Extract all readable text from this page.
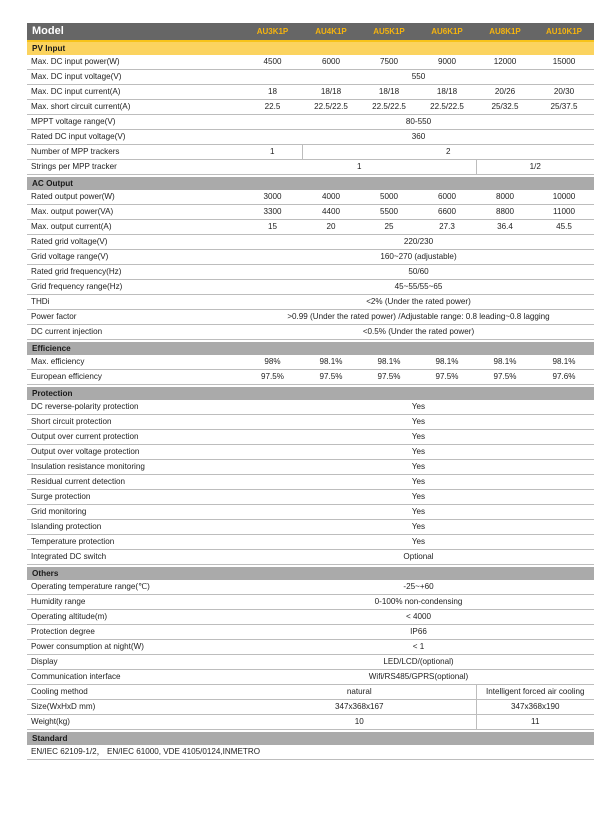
Model	AU3K1P	AU4K1P	AU5K1P	AU6K1P	AU8K1P	AU10K1P

PV Input						
Max. DC input power(W)	4500	6000	7500	9000	12000	15000
Max. DC input voltage(V)	550					
Max. DC input current(A)	18	18/18	18/18	18/18	20/26	20/30
Max. short circuit current(A)	22.5	22.5/22.5	22.5/22.5	22.5/22.5	25/32.5	25/37.5
MPPT voltage range(V)	80-550					
Rated DC input voltage(V)	360					
Number of MPP trackers	1	2				
Strings per MPP tracker	1				1/2	

AC Output						
Rated output power(W)	3000	4000	5000	6000	8000	10000
Max. output power(VA)	3300	4400	5500	6600	8800	11000
Max. output current(A)	15	20	25	27.3	36.4	45.5
Rated grid voltage(V)	220/230					
Grid voltage range(V)	160~270 (adjustable)					
Rated grid frequency(Hz)	50/60					
Grid frequency range(Hz)	45~55/55~65					
THDi	<2% (Under the rated power)					
Power factor	>0.99 (Under the rated power) /Adjustable range: 0.8 leading~0.8 lagging					
DC current injection	<0.5% (Under the rated power)					

Efficience						
Max. efficiency	98%	98.1%	98.1%	98.1%	98.1%	98.1%
European efficiency	97.5%	97.5%	97.5%	97.5%	97.5%	97.6%

Protection						
DC reverse-polarity protection	Yes					
Short circuit protection	Yes					
Output over current protection	Yes					
Output over voltage protection	Yes					
Insulation resistance monitoring	Yes					
Residual current detection	Yes					
Surge protection	Yes					
Grid monitoring	Yes					
Islanding protection	Yes					
Temperature protection	Yes					
Integrated DC switch	Optional					

Others						
Operating temperature range(℃)	-25~+60					
Humidity range	0-100% non-condensing					
Operating altitude(m)	< 4000					
Protection degree	IP66					
Power consumption at night(W)	< 1					
Display	LED/LCD/(optional)					
Communication interface	Wifi/RS485/GPRS(optional)					
Cooling method	natural				Intelligent forced air cooling	
Size(WxHxD mm)	347x368x167				347x368x190	
Weight(kg)	10				11	

Standard						
EN/IEC 62109-1/2， EN/IEC 61000, VDE 4105/0124,INMETRO						
